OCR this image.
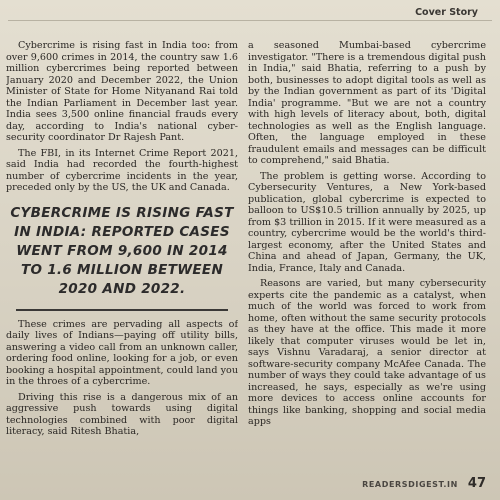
Cover Story

Cybercrime is rising fast in India too: from over 9,600 crimes in 2014, the country saw 1.6 million cybercrimes being reported between January 2020 and December 2022, the Union Minister of State for Home Nityanand Rai told the Indian Parliament in December last year. India sees 3,500 online financial frauds every day, according to India's national cyber-security coordinator Dr Rajesh Pant.

The FBI, in its Internet Crime Report 2021, said India had recorded the fourth-highest number of cybercrime incidents in the year, preceded only by the US, the UK and Canada.

CYBERCRIME IS RISING FAST IN INDIA: REPORTED CASES WENT FROM 9,600 IN 2014 TO 1.6 MILLION BETWEEN 2020 AND 2022.

These crimes are pervading all aspects of daily lives of Indians—paying off utility bills, answering a video call from an unknown caller, ordering food online, looking for a job, or even booking a hospital appointment, could land you in the throes of a cybercrime.

Driving this rise is a dangerous mix of an aggressive push towards using digital technologies combined with poor digital literacy, said Ritesh Bhatia,

a seasoned Mumbai-based cybercrime investigator. "There is a tremendous digital push in India," said Bhatia, referring to a push by both, businesses to adopt digital tools as well as by the Indian government as part of its 'Digital India' programme. "But we are not a country with high levels of literacy about, both, digital technologies as well as the English language. Often, the language employed in these fraudulent emails and messages can be difficult to comprehend," said Bhatia.

The problem is getting worse. According to Cybersecurity Ventures, a New York-based publication, global cybercrime is expected to balloon to US$10.5 trillion annually by 2025, up from $3 trillion in 2015. If it were measured as a country, cybercrime would be the world's third-largest economy, after the United States and China and ahead of Japan, Germany, the UK, India, France, Italy and Canada.

Reasons are varied, but many cybersecurity experts cite the pandemic as a catalyst, when much of the world was forced to work from home, often without the same security protocols as they have at the office. This made it more likely that computer viruses would be let in, says Vishnu Varadaraj, a senior director at software-security company McAfee Canada. The number of ways they could take advantage of us increased, he says, especially as we're using more devices to access online accounts for things like banking, shopping and social media apps

READERSDIGEST.IN 47
